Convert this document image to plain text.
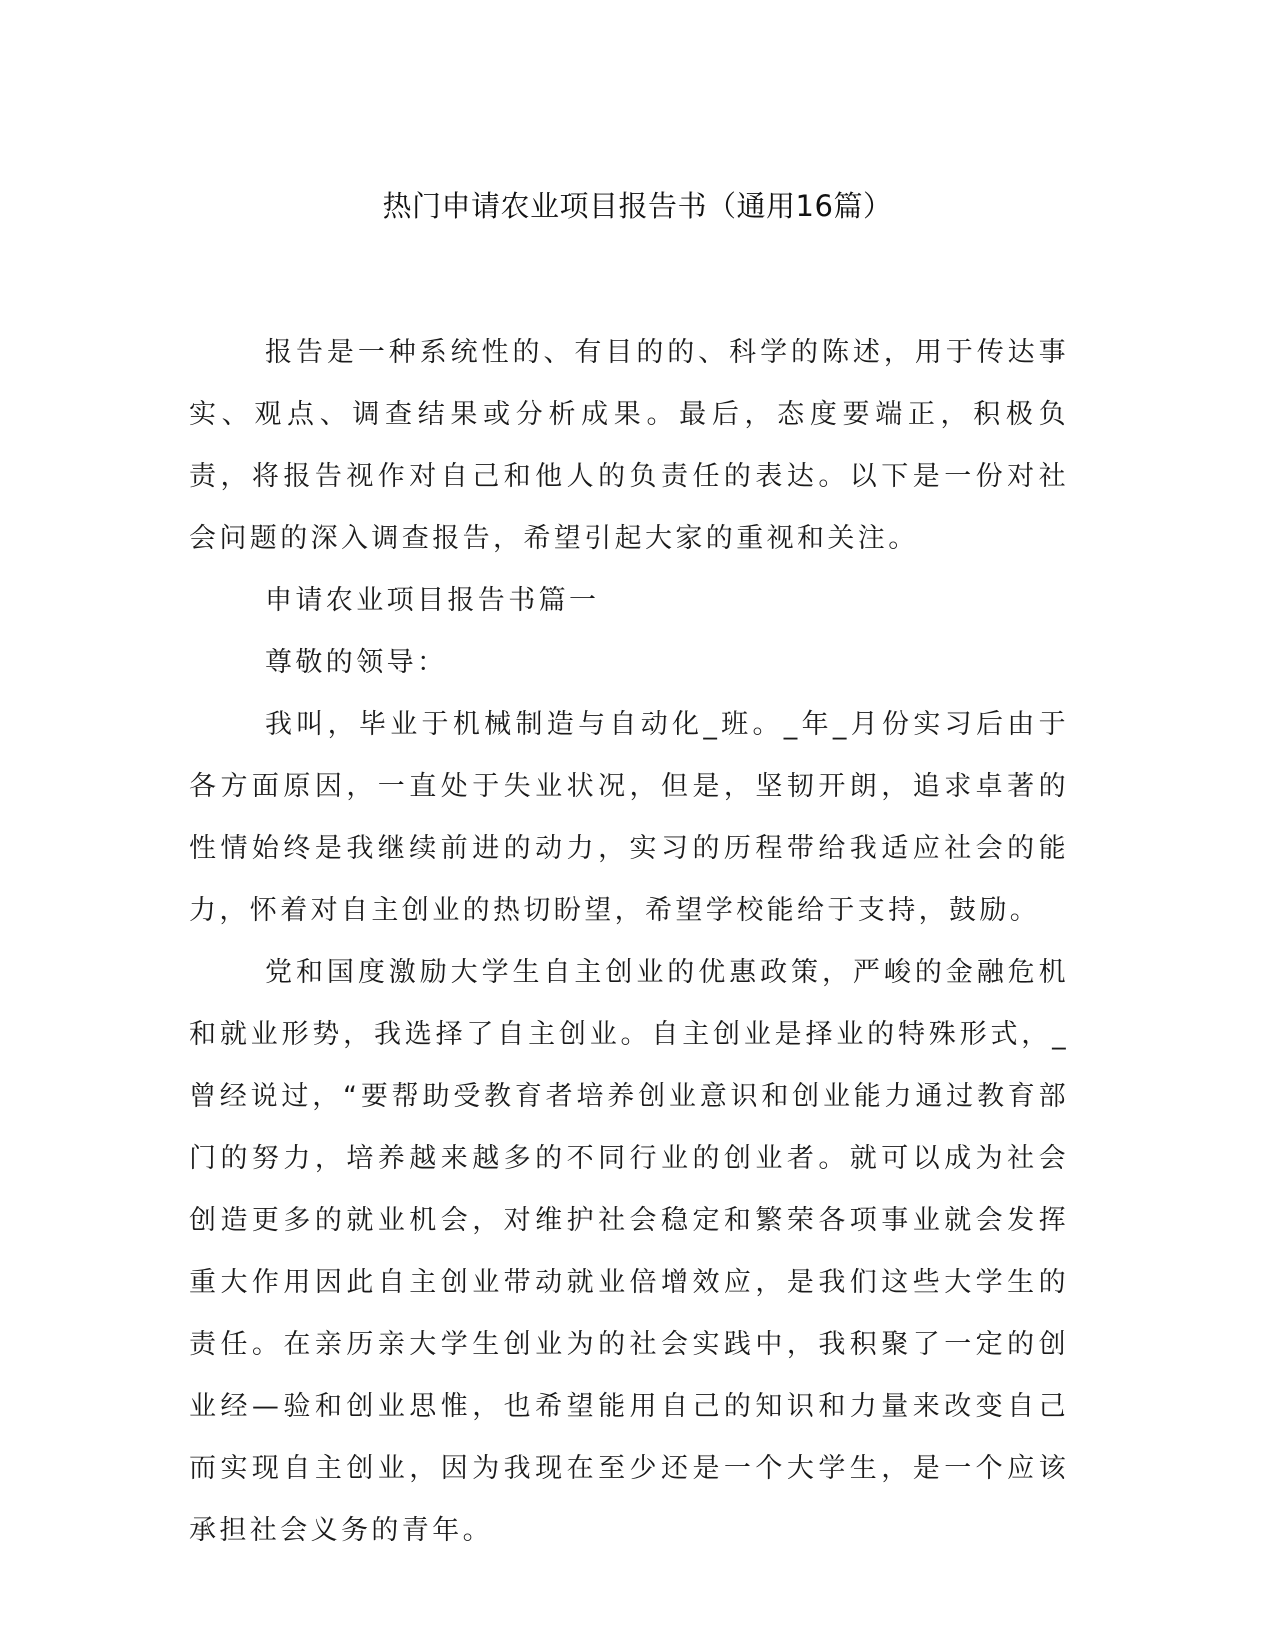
热门申请农业项目报告书（通用16篇）

报告是一种系统性的、有目的的、科学的陈述，用于传达事实、观点、调查结果或分析成果。最后，态度要端正，积极负责，将报告视作对自己和他人的负责任的表达。以下是一份对社会问题的深入调查报告，希望引起大家的重视和关注。

申请农业项目报告书篇一

尊敬的领导：

我叫，毕业于机械制造与自动化_班。_年_月份实习后由于各方面原因，一直处于失业状况，但是，坚韧开朗，追求卓著的性情始终是我继续前进的动力，实习的历程带给我适应社会的能力，怀着对自主创业的热切盼望，希望学校能给于支持，鼓励。

党和国度激励大学生自主创业的优惠政策，严峻的金融危机和就业形势，我选择了自主创业。自主创业是择业的特殊形式，_曾经说过，“要帮助受教育者培养创业意识和创业能力通过教育部门的努力，培养越来越多的不同行业的创业者。就可以成为社会创造更多的就业机会，对维护社会稳定和繁荣各项事业就会发挥重大作用因此自主创业带动就业倍增效应，是我们这些大学生的责任。在亲历亲大学生创业为的社会实践中，我积聚了一定的创业经—验和创业思惟，也希望能用自己的知识和力量来改变自己而实现自主创业，因为我现在至少还是一个大学生，是一个应该承担社会义务的青年。
